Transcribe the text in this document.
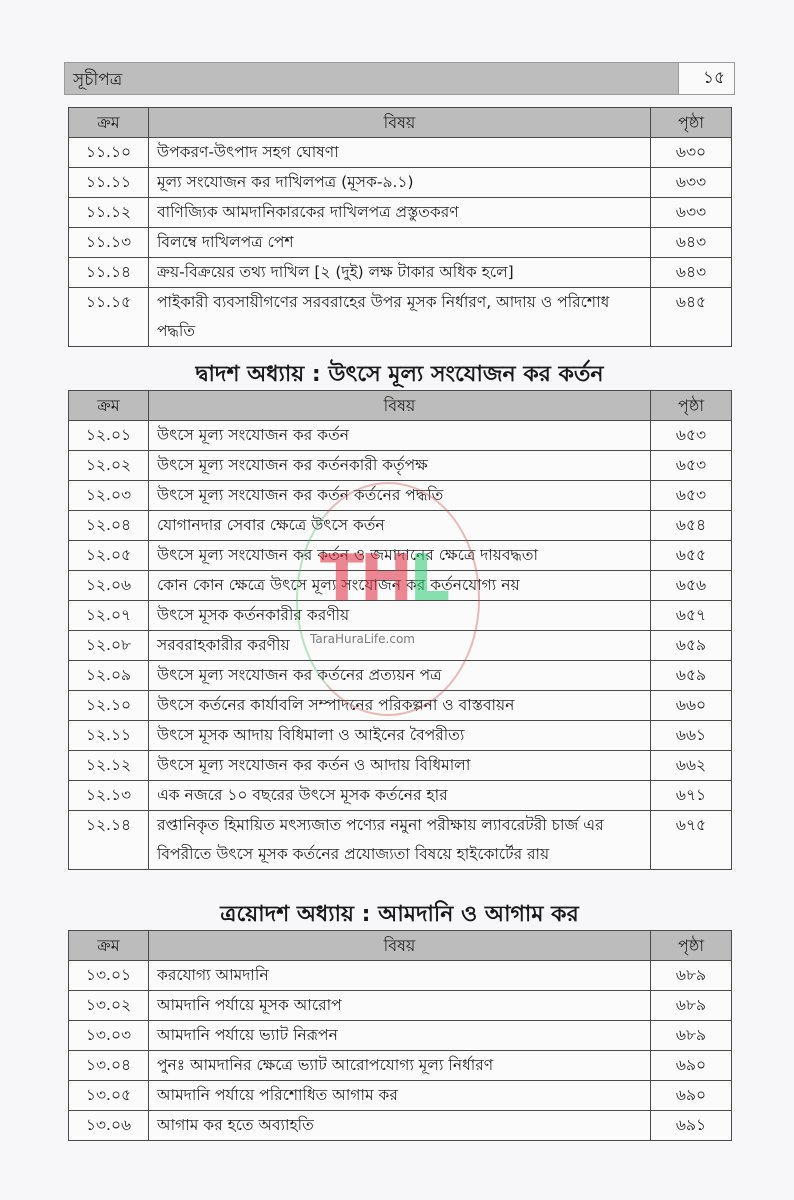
সূচীপত্র	১৫
ক্রম	বিষয়	পৃষ্ঠা
১১.১০	উপকরণ-উৎপাদ সহগ ঘোষণা	৬৩০
১১.১১	মূল্য সংযোজন কর দাখিলপত্র (মূসক-৯.১)	৬৩৩
১১.১২	বাণিজ্যিক আমদানিকারকের দাখিলপত্র প্রস্তুতকরণ	৬৩৩
১১.১৩	বিলম্বে দাখিলপত্র পেশ	৬৪৩
১১.১৪	ক্রয়-বিক্রয়ের তথ্য দাখিল [২ (দুই) লক্ষ টাকার অধিক হলে]	৬৪৩
১১.১৫	পাইকারী ব্যবসায়ীগণের সরবরাহের উপর মূসক নির্ধারণ, আদায় ও পরিশোধ পদ্ধতি	৬৪৫
দ্বাদশ অধ্যায় : উৎসে মূল্য সংযোজন কর কর্তন
ক্রম	বিষয়	পৃষ্ঠা
১২.০১	উৎসে মূল্য সংযোজন কর কর্তন	৬৫৩
১২.০২	উৎসে মূল্য সংযোজন কর কর্তনকারী কর্তৃপক্ষ	৬৫৩
১২.০৩	উৎসে মূল্য সংযোজন কর কর্তন কর্তনের পদ্ধতি	৬৫৩
১২.০৪	যোগানদার সেবার ক্ষেত্রে উৎসে কর্তন	৬৫৪
১২.০৫	উৎসে মূল্য সংযোজন কর কর্তন ও জমাদানের ক্ষেত্রে দায়বদ্ধতা	৬৫৫
১২.০৬	কোন কোন ক্ষেত্রে উৎসে মূল্য সংযোজন কর কর্তনযোগ্য নয়	৬৫৬
১২.০৭	উৎসে মূসক কর্তনকারীর করণীয়	৬৫৭
১২.০৮	সরবরাহকারীর করণীয়	৬৫৯
১২.০৯	উৎসে মূল্য সংযোজন কর কর্তনের প্রত্যয়ন পত্র	৬৫৯
১২.১০	উৎসে কর্তনের কার্যাবলি সম্পাদনের পরিকল্পনা ও বাস্তবায়ন	৬৬০
১২.১১	উৎসে মূসক আদায় বিধিমালা ও আইনের বৈপরীত্য	৬৬১
১২.১২	উৎসে মূল্য সংযোজন কর কর্তন ও আদায় বিধিমালা	৬৬২
১২.১৩	এক নজরে ১০ বছরের উৎসে মূসক কর্তনের হার	৬৭১
১২.১৪	রপ্তানিকৃত হিমায়িত মৎস্যজাত পণ্যের নমুনা পরীক্ষায় ল্যাবরেটরী চার্জ এর বিপরীতে উৎসে মূসক কর্তনের প্রযোজ্যতা বিষয়ে হাইকোর্টের রায়	৬৭৫
ত্রয়োদশ অধ্যায় : আমদানি ও আগাম কর
ক্রম	বিষয়	পৃষ্ঠা
১৩.০১	করযোগ্য আমদানি	৬৮৯
১৩.০২	আমদানি পর্যায়ে মূসক আরোপ	৬৮৯
১৩.০৩	আমদানি পর্যায়ে ভ্যাট নিরূপন	৬৮৯
১৩.০৪	পুনঃ আমদানির ক্ষেত্রে ভ্যাট আরোপযোগ্য মূল্য নির্ধারণ	৬৯০
১৩.০৫	আমদানি পর্যায়ে পরিশোধিত আগাম কর	৬৯০
১৩.০৬	আগাম কর হতে অব্যাহতি	৬৯১
THL
TaraHuraLife.com
